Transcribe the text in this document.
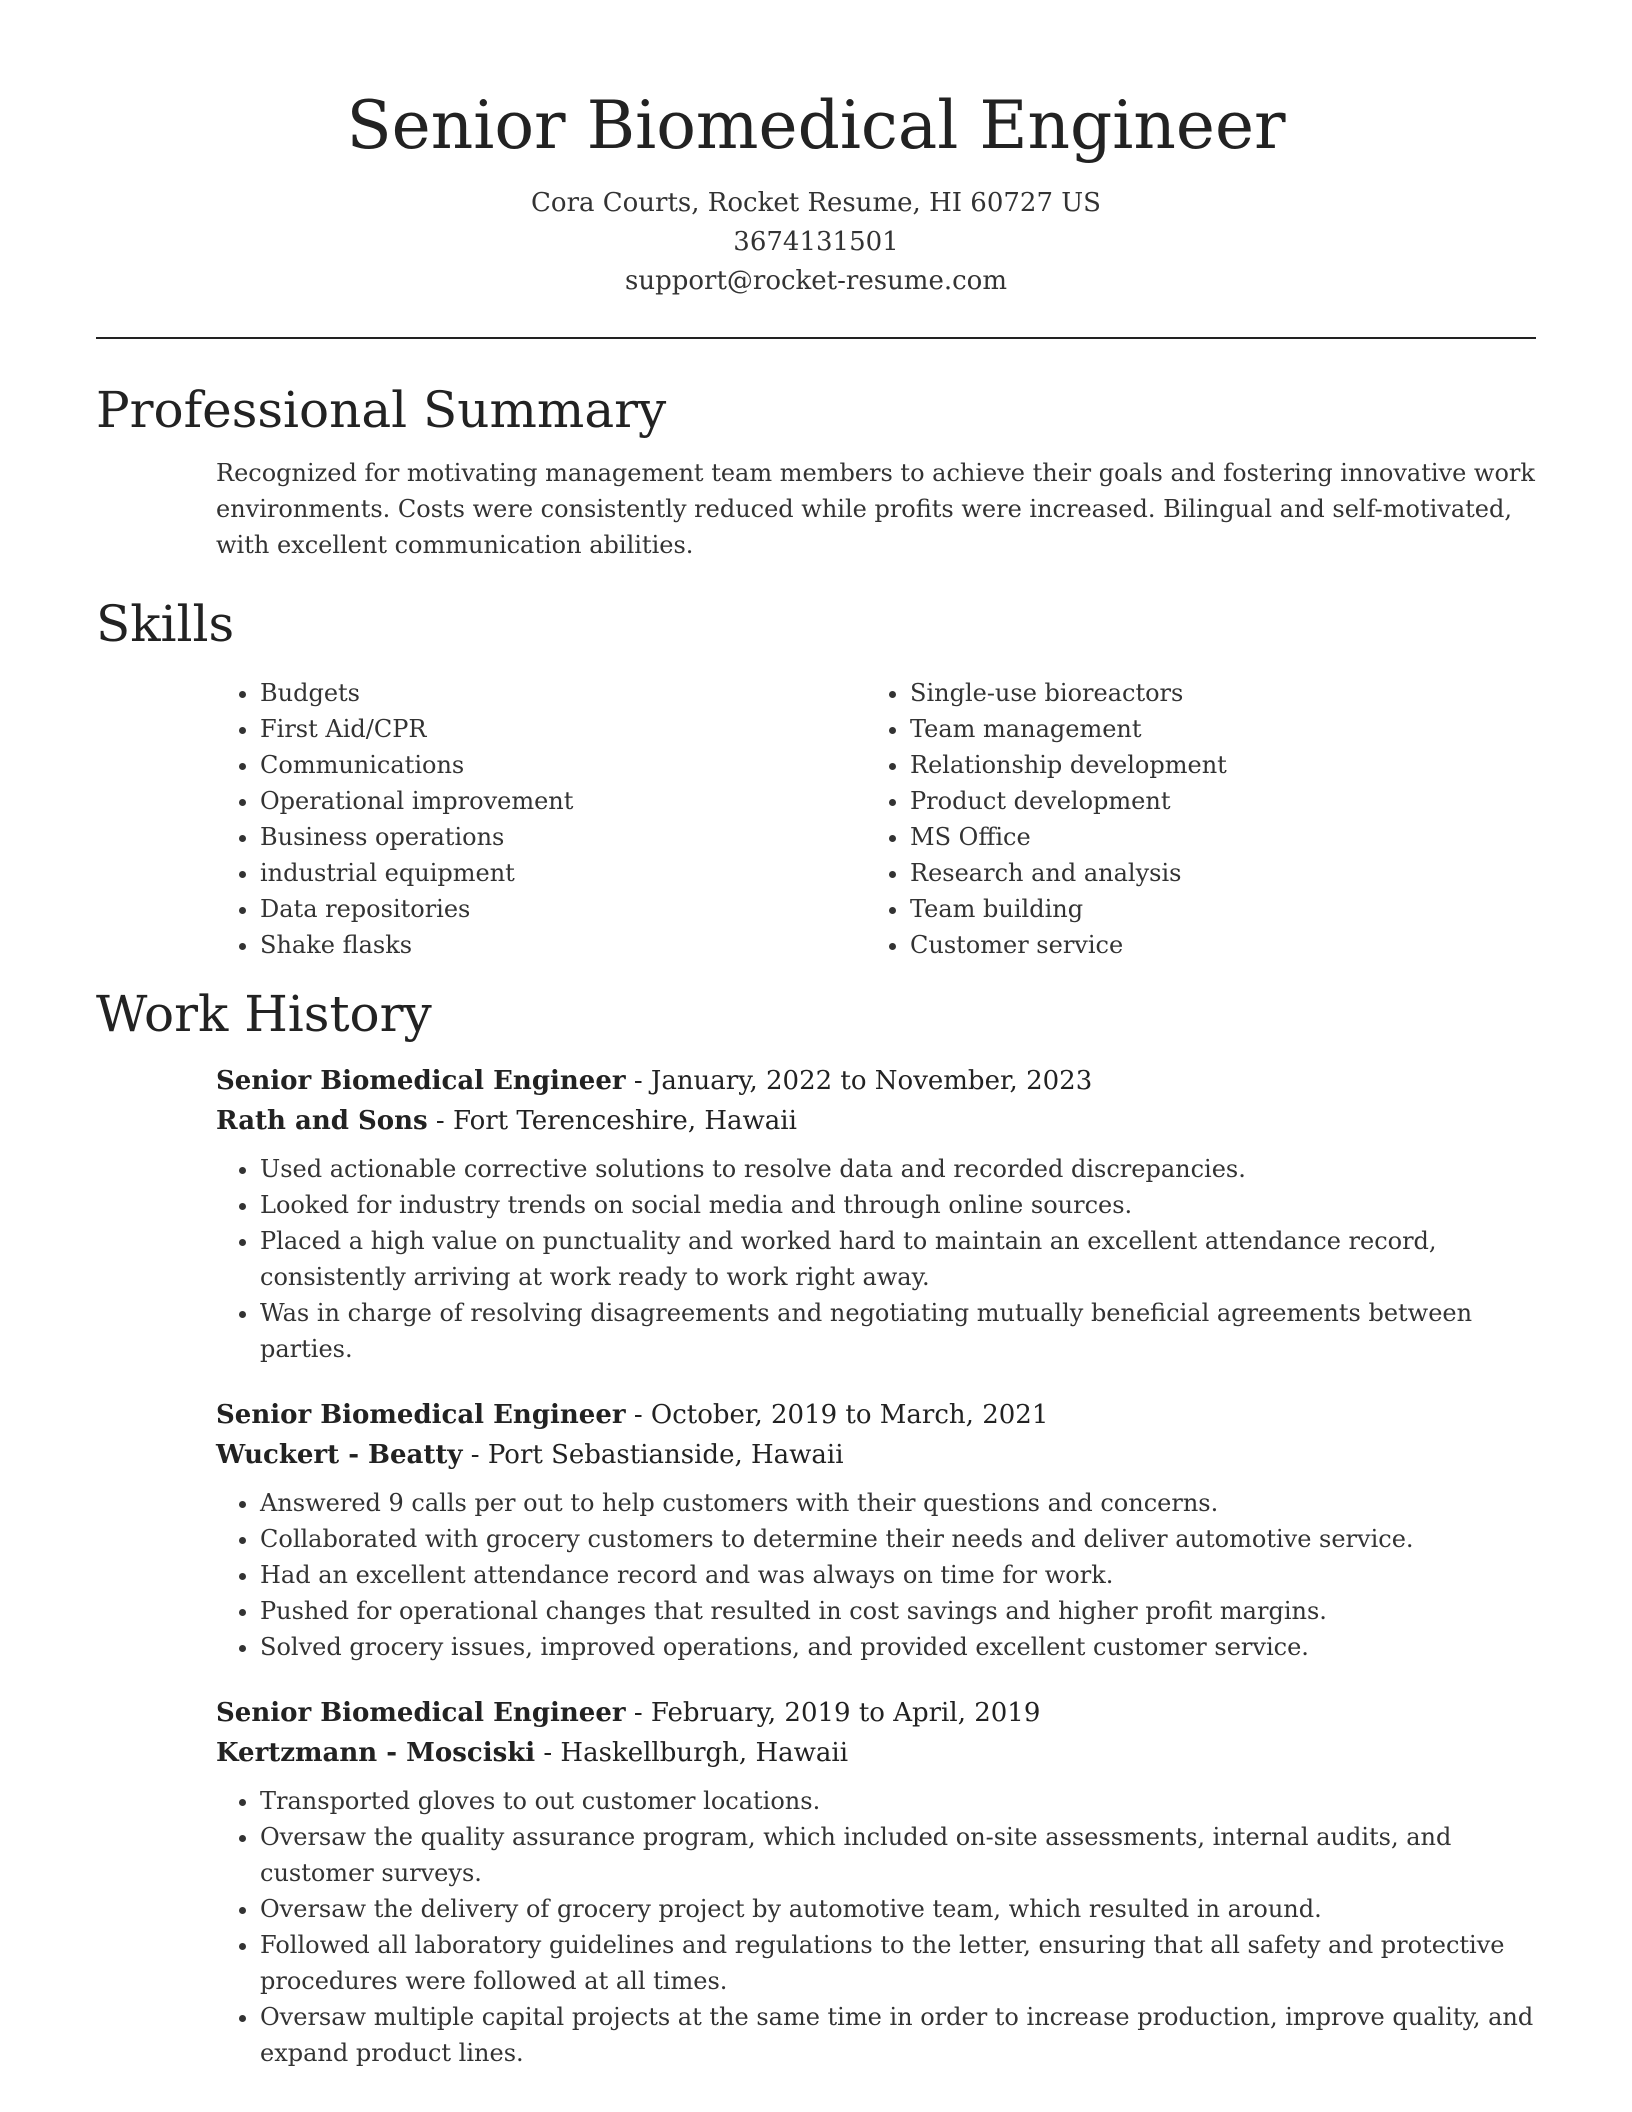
Senior Biomedical Engineer
Cora Courts, Rocket Resume, HI 60727 US
3674131501
support@rocket-resume.com
Professional Summary

Recognized for motivating management team members to achieve their goals and fostering innovative work environments. Costs were consistently reduced while profits were increased. Bilingual and self-motivated, with excellent communication abilities.

Skills
• Budgets
• First Aid/CPR
• Communications
• Operational improvement
• Business operations
• industrial equipment
• Data repositories
• Shake flasks
• Single-use bioreactors
• Team management
• Relationship development
• Product development
• MS Office
• Research and analysis
• Team building
• Customer service
Work History
Senior Biomedical Engineer - January, 2022 to November, 2023
Rath and Sons - Fort Terenceshire, Hawaii
• Used actionable corrective solutions to resolve data and recorded discrepancies.
• Looked for industry trends on social media and through online sources.
• Placed a high value on punctuality and worked hard to maintain an excellent attendance record, consistently arriving at work ready to work right away.
• Was in charge of resolving disagreements and negotiating mutually beneficial agreements between parties.
Senior Biomedical Engineer - October, 2019 to March, 2021
Wuckert - Beatty - Port Sebastianside, Hawaii
• Answered 9 calls per out to help customers with their questions and concerns.
• Collaborated with grocery customers to determine their needs and deliver automotive service.
• Had an excellent attendance record and was always on time for work.
• Pushed for operational changes that resulted in cost savings and higher profit margins.
• Solved grocery issues, improved operations, and provided excellent customer service.
Senior Biomedical Engineer - February, 2019 to April, 2019
Kertzmann - Mosciski - Haskellburgh, Hawaii
• Transported gloves to out customer locations.
• Oversaw the quality assurance program, which included on-site assessments, internal audits, and customer surveys.
• Oversaw the delivery of grocery project by automotive team, which resulted in around.
• Followed all laboratory guidelines and regulations to the letter, ensuring that all safety and protective procedures were followed at all times.
• Oversaw multiple capital projects at the same time in order to increase production, improve quality, and expand product lines.
